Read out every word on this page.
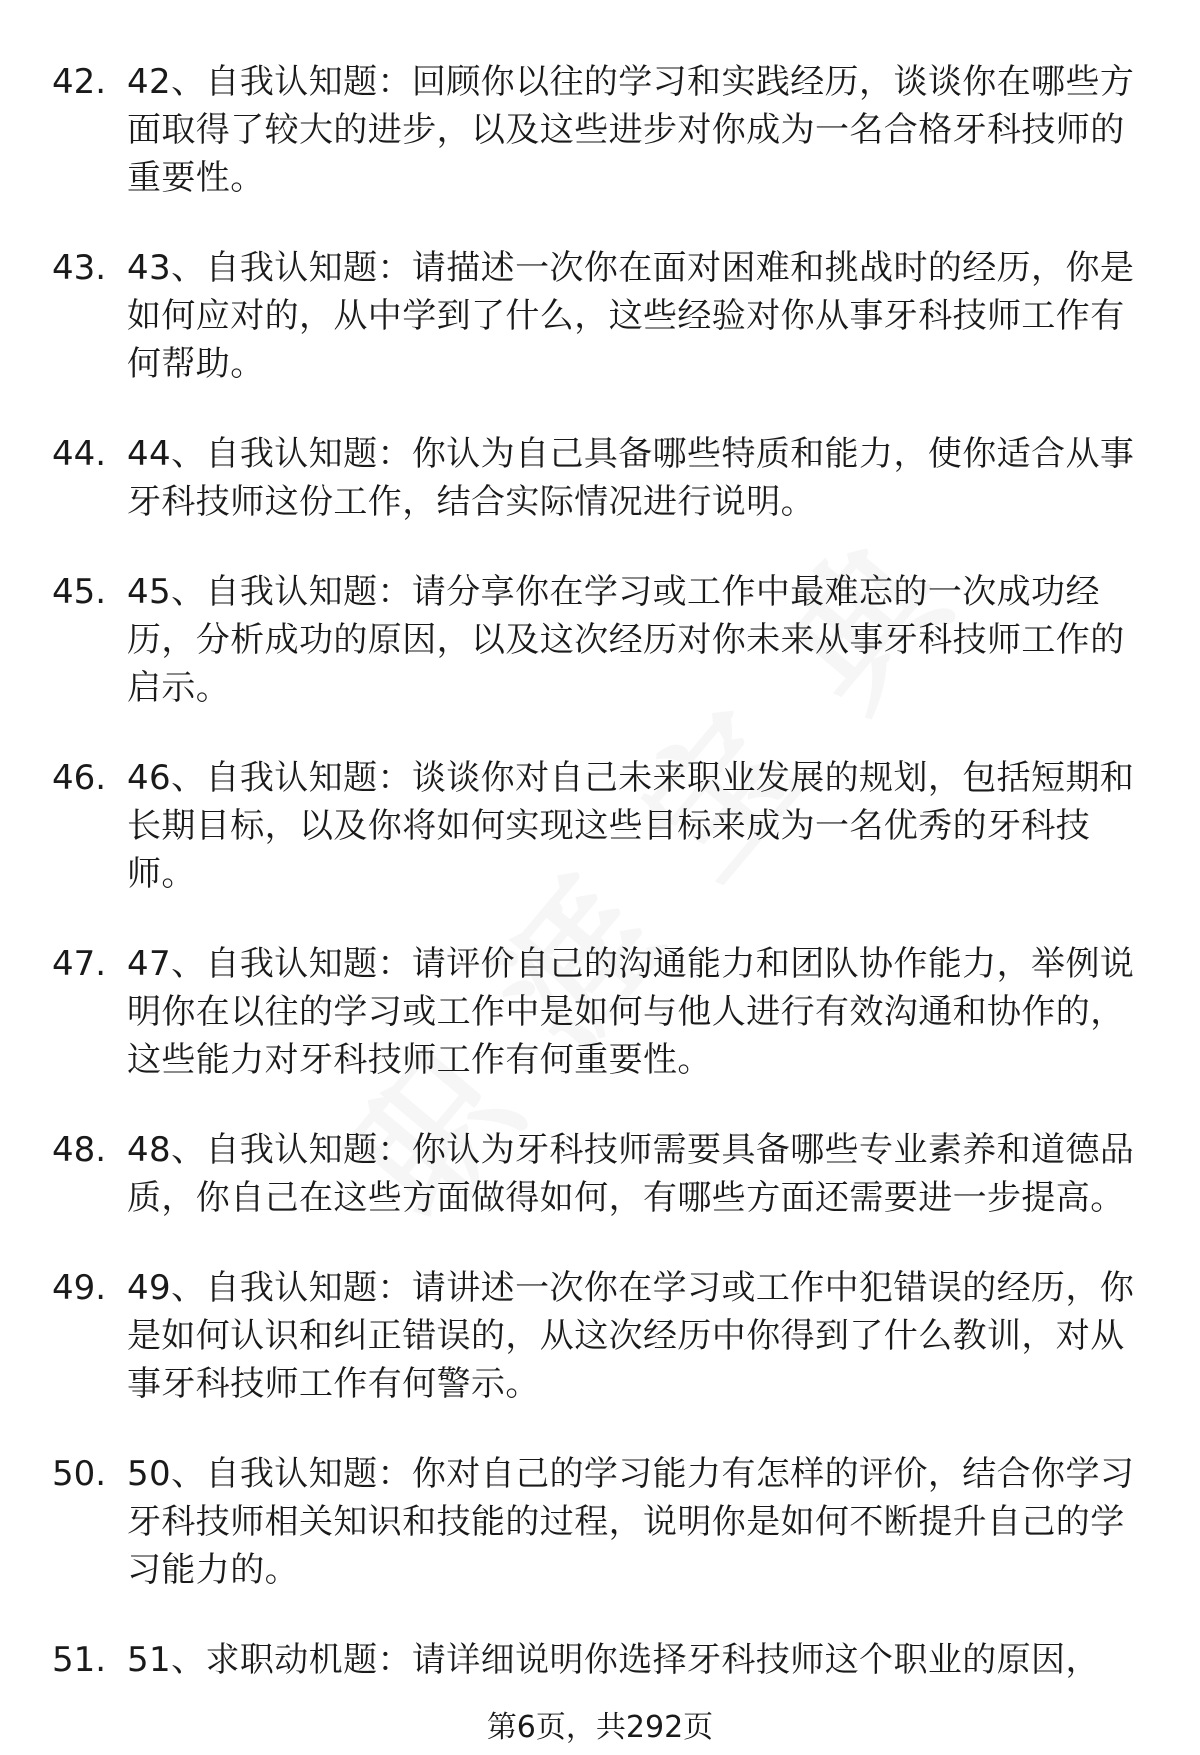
42. 42、自我认知题：回顾你以往的学习和实践经历，谈谈你在哪些方面取得了较大的进步，以及这些进步对你成为一名合格牙科技师的重要性。
43. 43、自我认知题：请描述一次你在面对困难和挑战时的经历，你是如何应对的，从中学到了什么，这些经验对你从事牙科技师工作有何帮助。
44. 44、自我认知题：你认为自己具备哪些特质和能力，使你适合从事牙科技师这份工作，结合实际情况进行说明。
45. 45、自我认知题：请分享你在学习或工作中最难忘的一次成功经历，分析成功的原因，以及这次经历对你未来从事牙科技师工作的启示。
46. 46、自我认知题：谈谈你对自己未来职业发展的规划，包括短期和长期目标，以及你将如何实现这些目标来成为一名优秀的牙科技师。
47. 47、自我认知题：请评价自己的沟通能力和团队协作能力，举例说明你在以往的学习或工作中是如何与他人进行有效沟通和协作的，这些能力对牙科技师工作有何重要性。
48. 48、自我认知题：你认为牙科技师需要具备哪些专业素养和道德品质，你自己在这些方面做得如何，有哪些方面还需要进一步提高。
49. 49、自我认知题：请讲述一次你在学习或工作中犯错误的经历，你是如何认识和纠正错误的，从这次经历中你得到了什么教训，对从事牙科技师工作有何警示。
50. 50、自我认知题：你对自己的学习能力有怎样的评价，结合你学习牙科技师相关知识和技能的过程，说明你是如何不断提升自己的学习能力的。
51. 51、求职动机题：请详细说明你选择牙科技师这个职业的原因，
第6页，共292页
